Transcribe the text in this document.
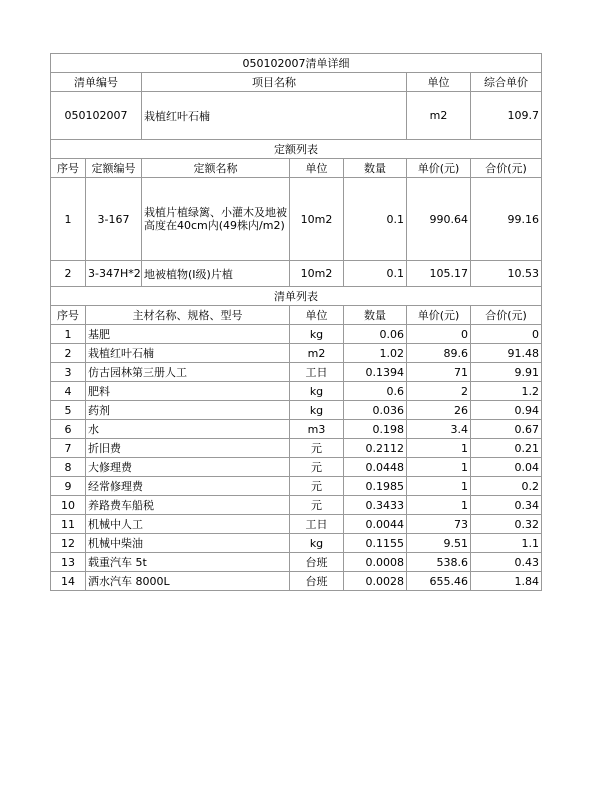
050102007清单详细						
清单编号		项目名称			单位	综合单价
050102007		栽植红叶石楠			m2	109.7
定额列表						
序号	定额编号	定额名称	单位	数量	单价(元)	合价(元)
1	3-167	栽植片植绿篱、小灌木及地被高度在40cm内(49株内/m2)	10m2	0.1	990.64	99.16
2	3-347H*2	地被植物(I级)片植	10m2	0.1	105.17	10.53
清单列表						
序号	主材名称、规格、型号		单位	数量	单价(元)	合价(元)
1	基肥		kg	0.06	0	0
2	栽植红叶石楠		m2	1.02	89.6	91.48
3	仿古园林第三册人工		工日	0.1394	71	9.91
4	肥料		kg	0.6	2	1.2
5	药剂		kg	0.036	26	0.94
6	水		m3	0.198	3.4	0.67
7	折旧费		元	0.2112	1	0.21
8	大修理费		元	0.0448	1	0.04
9	经常修理费		元	0.1985	1	0.2
10	养路费车船税		元	0.3433	1	0.34
11	机械中人工		工日	0.0044	73	0.32
12	机械中柴油		kg	0.1155	9.51	1.1
13	载重汽车 5t		台班	0.0008	538.6	0.43
14	洒水汽车 8000L		台班	0.0028	655.46	1.84
